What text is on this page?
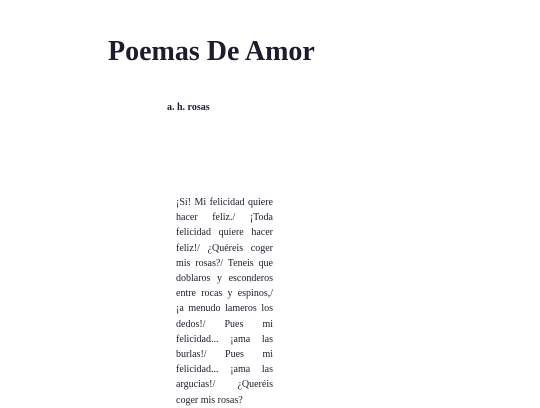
Poemas De Amor

a. h. rosas

¡Sí! Mi felicidad quiere hacer feliz./ ¡Toda felicidad quiere hacer feliz!/ ¿Quéreis coger mis rosas?/ Teneis que doblaros y esconderos entre rocas y espinos,/ ¡a menudo lameros los dedos!/ Pues mi felicidad... ¡ama las burlas!/ Pues mi felicidad... ¡ama las argucias!/ ¿Queréis coger mis rosas?
